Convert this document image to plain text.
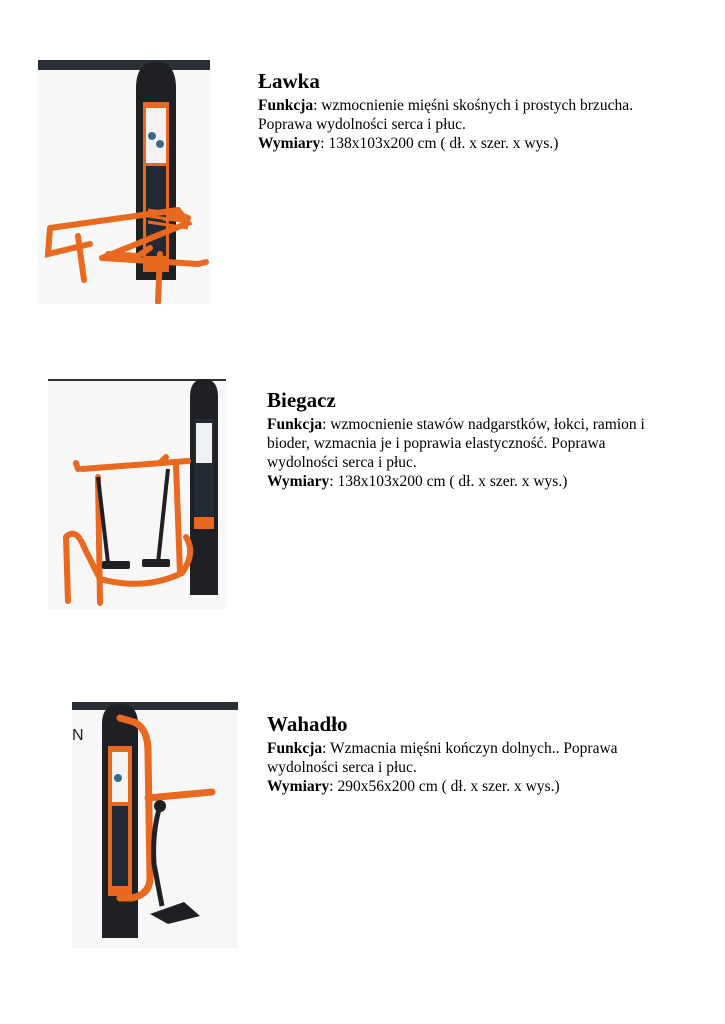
Ławka

Funkcja: wzmocnienie mięśni skośnych i prostych brzucha. Poprawa wydolności serca i płuc.

Wymiary: 138x103x200 cm ( dł. x szer. x wys.)

Biegacz

Funkcja: wzmocnienie stawów nadgarstków, łokci, ramion i bioder, wzmacnia je i poprawia elastyczność. Poprawa wydolności serca i płuc.

Wymiary: 138x103x200 cm ( dł. x szer. x wys.)

N	Wahadło

Funkcja: Wzmacnia mięśni kończyn dolnych.. Poprawa wydolności serca i płuc.

Wymiary: 290x56x200 cm ( dł. x szer. x wys.)
